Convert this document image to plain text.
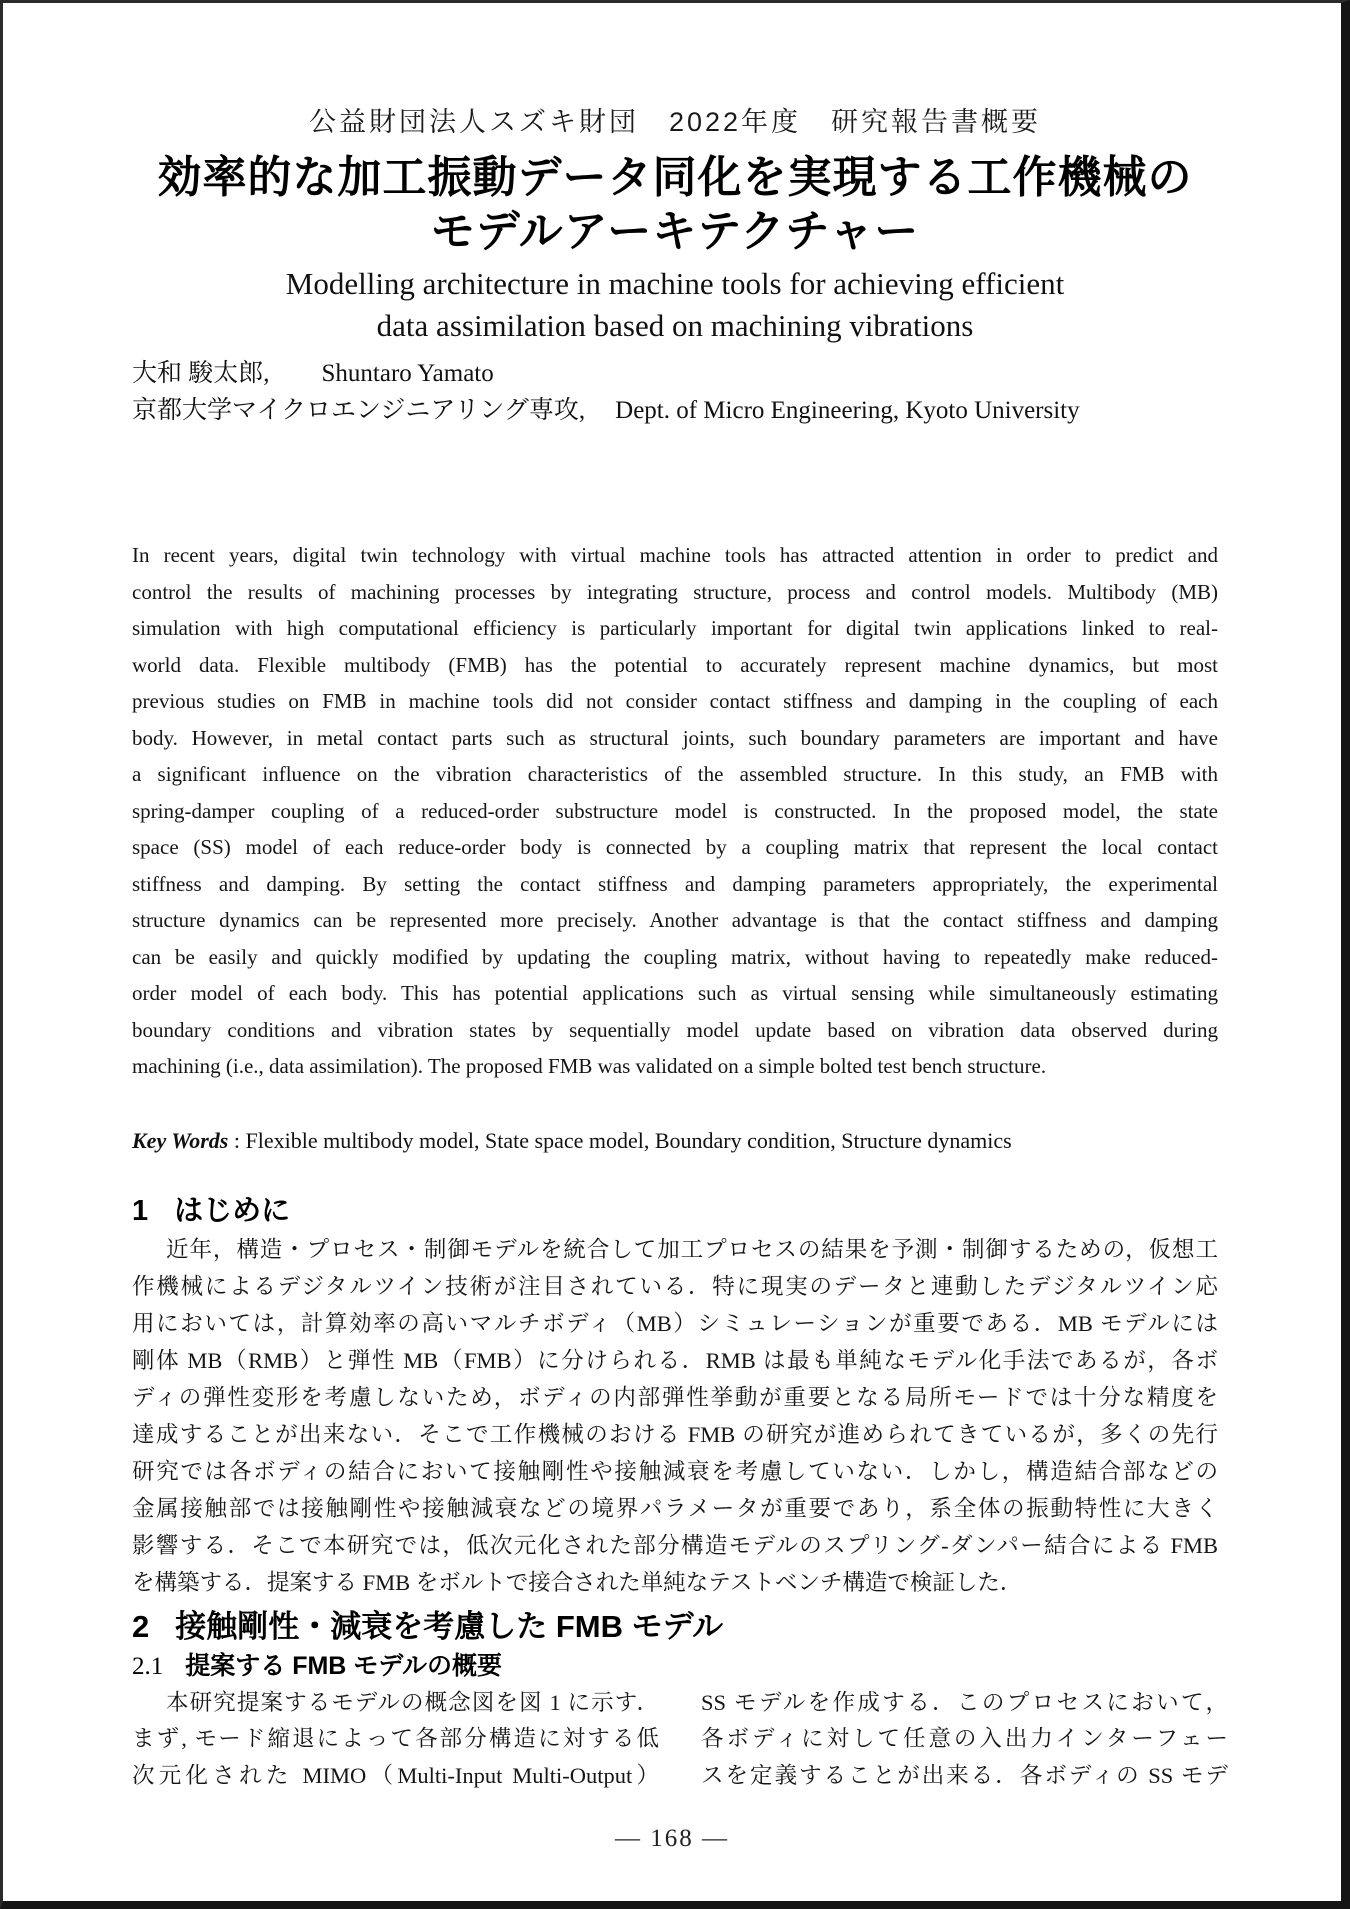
公益財団法人スズキ財団　2022年度　研究報告書概要
効率的な加工振動データ同化を実現する工作機械の
モデルアーキテクチャー
Modelling architecture in machine tools for achieving efficient
data assimilation based on machining vibrations
大和 駿太郎, Shuntaro Yamato
京都大学マイクロエンジニアリング専攻, Dept. of Micro Engineering, Kyoto University
In recent years, digital twin technology with virtual machine tools has attracted attention in order to predict and
control the results of machining processes by integrating structure, process and control models. Multibody (MB)
simulation with high computational efficiency is particularly important for digital twin applications linked to real-
world data. Flexible multibody (FMB) has the potential to accurately represent machine dynamics, but most
previous studies on FMB in machine tools did not consider contact stiffness and damping in the coupling of each
body. However, in metal contact parts such as structural joints, such boundary parameters are important and have
a significant influence on the vibration characteristics of the assembled structure. In this study, an FMB with
spring-damper coupling of a reduced-order substructure model is constructed. In the proposed model, the state
space (SS) model of each reduce-order body is connected by a coupling matrix that represent the local contact
stiffness and damping. By setting the contact stiffness and damping parameters appropriately, the experimental
structure dynamics can be represented more precisely. Another advantage is that the contact stiffness and damping
can be easily and quickly modified by updating the coupling matrix, without having to repeatedly make reduced-
order model of each body. This has potential applications such as virtual sensing while simultaneously estimating
boundary conditions and vibration states by sequentially model update based on vibration data observed during
machining (i.e., data assimilation). The proposed FMB was validated on a simple bolted test bench structure.
Key Words : Flexible multibody model, State space model, Boundary condition, Structure dynamics
1 はじめに
近年，構造・プロセス・制御モデルを統合して加工プロセスの結果を予測・制御するための，仮想工
作機械によるデジタルツイン技術が注目されている．特に現実のデータと連動したデジタルツイン応
用においては，計算効率の高いマルチボディ（MB）シミュレーションが重要である．MB モデルには
剛体 MB（RMB）と弾性 MB（FMB）に分けられる．RMB は最も単純なモデル化手法であるが，各ボ
ディの弾性変形を考慮しないため，ボディの内部弾性挙動が重要となる局所モードでは十分な精度を
達成することが出来ない．そこで工作機械のおける FMB の研究が進められてきているが，多くの先行
研究では各ボディの結合において接触剛性や接触減衰を考慮していない．しかし，構造結合部などの
金属接触部では接触剛性や接触減衰などの境界パラメータが重要であり，系全体の振動特性に大きく
影響する．そこで本研究では，低次元化された部分構造モデルのスプリング-ダンパー結合による FMB
を構築する．提案する FMB をボルトで接合された単純なテストベンチ構造で検証した．
2 接触剛性・減衰を考慮した FMB モデル
2.1 提案する FMB モデルの概要
本研究提案するモデルの概念図を図 1 に示す．
まず, モード縮退によって各部分構造に対する低
次元化された MIMO（Multi-Input Multi-Output）
SS モデルを作成する．このプロセスにおいて，
各ボディに対して任意の入出力インターフェー
スを定義することが出来る．各ボディの SS モデ
— 168 —
